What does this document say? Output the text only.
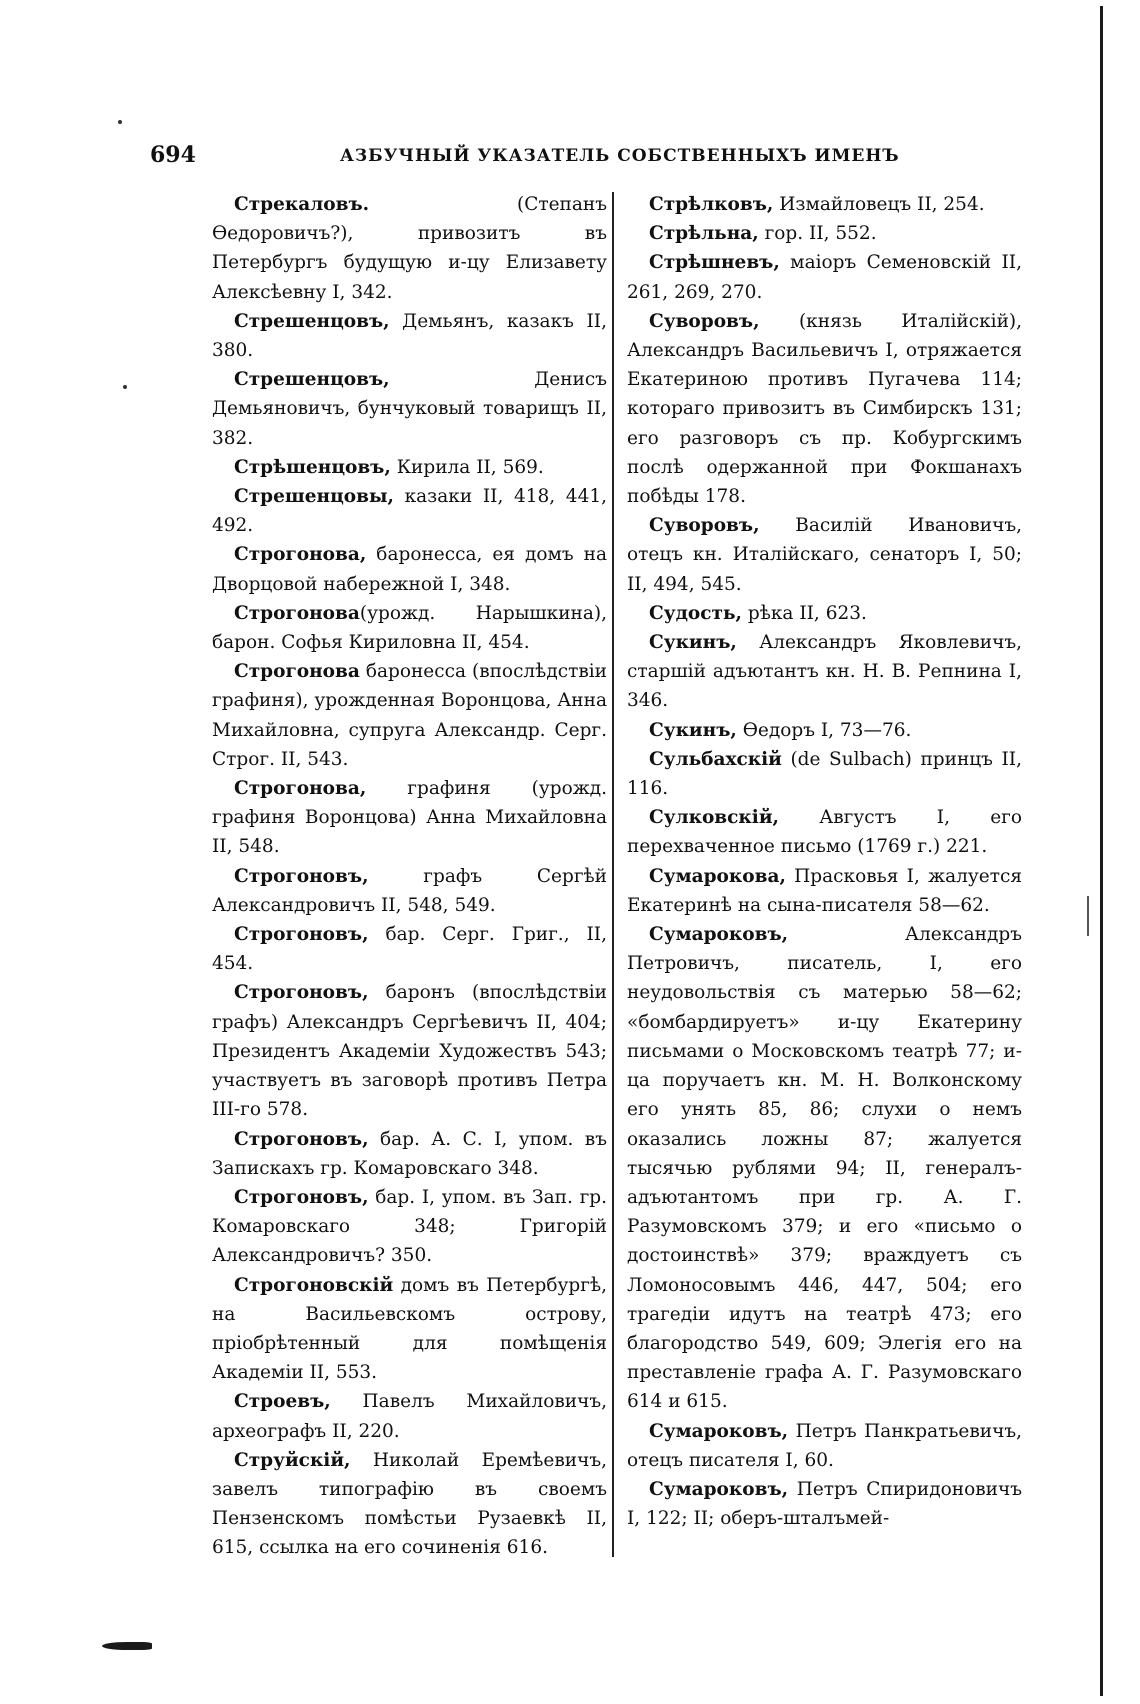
694	АЗБУЧНЫЙ УКАЗАТЕЛЬ СОБСТВЕННЫХЪ ИМЕНЪ

Стрекаловъ. (Степанъ Өедоровичъ?), привозитъ въ Петербургъ будущую и-цу Елизавету Алексѣевну I, 342.

Стрешенцовъ, Демьянъ, казакъ II, 380.

Стрешенцовъ, Денисъ Демьяновичъ, бунчуковый товарищъ II, 382.

Стрѣшенцовъ, Кирила II, 569.

Стрешенцовы, казаки II, 418, 441, 492.

Строгонова, баронесса, ея домъ на Дворцовой набережной I, 348.

Строгонова(урожд. Нарышкина), барон. Софья Кириловна II, 454.

Строгонова баронесса (впослѣдствіи графиня), урожденная Воронцова, Анна Михайловна, супруга Александр. Серг. Строг. II, 543.

Строгонова, графиня (урожд. графиня Воронцова) Анна Михайловна II, 548.

Строгоновъ, графъ Сергѣй Александровичъ II, 548, 549.

Строгоновъ, бар. Серг. Григ., II, 454.

Строгоновъ, баронъ (впослѣдствіи графъ) Александръ Сергѣевичъ II, 404; Президентъ Академіи Художествъ 543; участвуетъ въ заговорѣ противъ Петра III-го 578.

Строгоновъ, бар. А. С. I, упом. въ Запискахъ гр. Комаровскаго 348.

Строгоновъ, бар. I, упом. въ Зап. гр. Комаровскаго 348; Григорій Александровичъ? 350.

Строгоновскій домъ въ Петербургѣ, на Васильевскомъ острову, пріобрѣтенный для помѣщенія Академіи II, 553.

Строевъ, Павелъ Михайловичъ, археографъ II, 220.

Струйскій, Николай Еремѣевичъ, завелъ типографію въ своемъ Пензенскомъ помѣстьи Рузаевкѣ II, 615, ссылка на его сочиненія 616.

Стрѣлковъ, Измайловецъ II, 254.

Стрѣльна, гор. II, 552.

Стрѣшневъ, маіоръ Семеновскій II, 261, 269, 270.

Суворовъ, (князь Италійскій), Александръ Васильевичъ I, отряжается Екатериною противъ Пугачева 114; котораго привозитъ въ Симбирскъ 131; его разговоръ съ пр. Кобургскимъ послѣ одержанной при Фокшанахъ побѣды 178.

Суворовъ, Василій Ивановичъ, отецъ кн. Италійскаго, сенаторъ I, 50; II, 494, 545.

Судость, рѣка II, 623.

Сукинъ, Александръ Яковлевичъ, старшій адъютантъ кн. Н. В. Репнина I, 346.

Сукинъ, Өедоръ I, 73—76.

Сульбахскій (de Sulbach) принцъ II, 116.

Сулковскій, Августъ I, его перехваченное письмо (1769 г.) 221.

Сумарокова, Прасковья I, жалуется Екатеринѣ на сына-писателя 58—62.

Сумароковъ, Александръ Петровичъ, писатель, I, его неудовольствія съ матерью 58—62; «бомбардируетъ» и-цу Екатерину письмами о Московскомъ театрѣ 77; и-ца поручаетъ кн. М. Н. Волконскому его унять 85, 86; слухи о немъ оказались ложны 87; жалуется тысячью рублями 94; II, генералъ-адъютантомъ при гр. А. Г. Разумовскомъ 379; и его «письмо о достоинствѣ» 379; враждуетъ съ Ломоносовымъ 446, 447, 504; его трагедіи идутъ на театрѣ 473; его благородство 549, 609; Элегія его на преставленіе графа А. Г. Разумовскаго 614 и 615.

Сумароковъ, Петръ Панкратьевичъ, отецъ писателя I, 60.

Сумароковъ, Петръ Спиридоновичъ I, 122; II; оберъ-шталъмей-
